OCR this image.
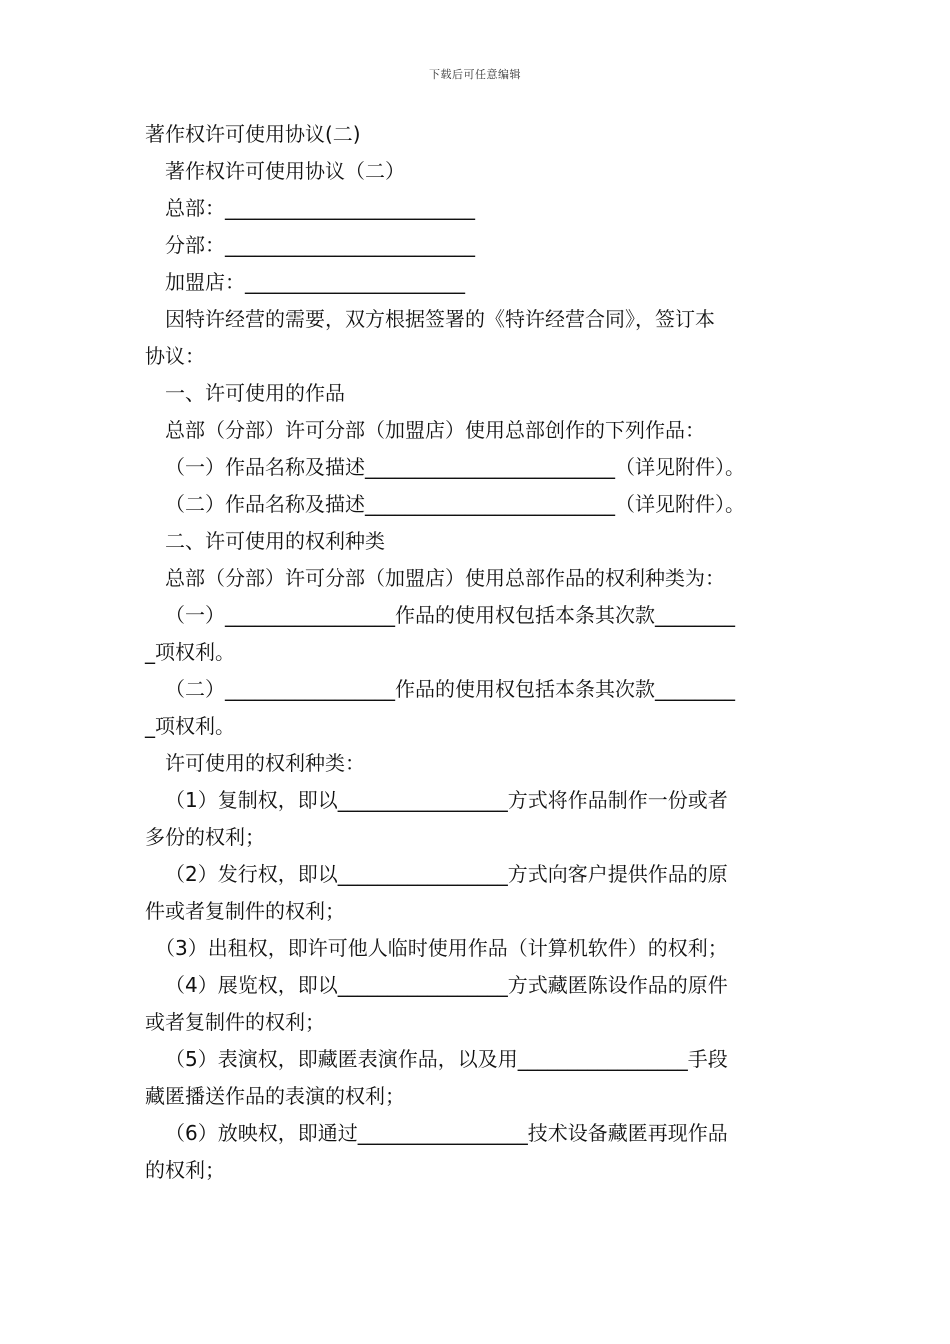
下载后可任意编辑

著作权许可使用协议(二)

著作权许可使用协议（二）

总部：_________________________

分部：_________________________

加盟店：______________________

因特许经营的需要，双方根据签署的《特许经营合同》，签订本

协议：

一、许可使用的作品

总部（分部）许可分部（加盟店）使用总部创作的下列作品：

（一）作品名称及描述_________________________（详见附件）。

（二）作品名称及描述_________________________（详见附件）。

二、许可使用的权利种类

总部（分部）许可分部（加盟店）使用总部作品的权利种类为：

（一）_________________作品的使用权包括本条其次款________

_项权利。

（二）_________________作品的使用权包括本条其次款________

_项权利。

许可使用的权利种类：

（1）复制权，即以_________________方式将作品制作一份或者

多份的权利；

（2）发行权，即以_________________方式向客户提供作品的原

件或者复制件的权利；

（3）出租权，即许可他人临时使用作品（计算机软件）的权利；

（4）展览权，即以_________________方式藏匿陈设作品的原件

或者复制件的权利；

（5）表演权，即藏匿表演作品，以及用_________________手段

藏匿播送作品的表演的权利；

（6）放映权，即通过_________________技术设备藏匿再现作品

的权利；
